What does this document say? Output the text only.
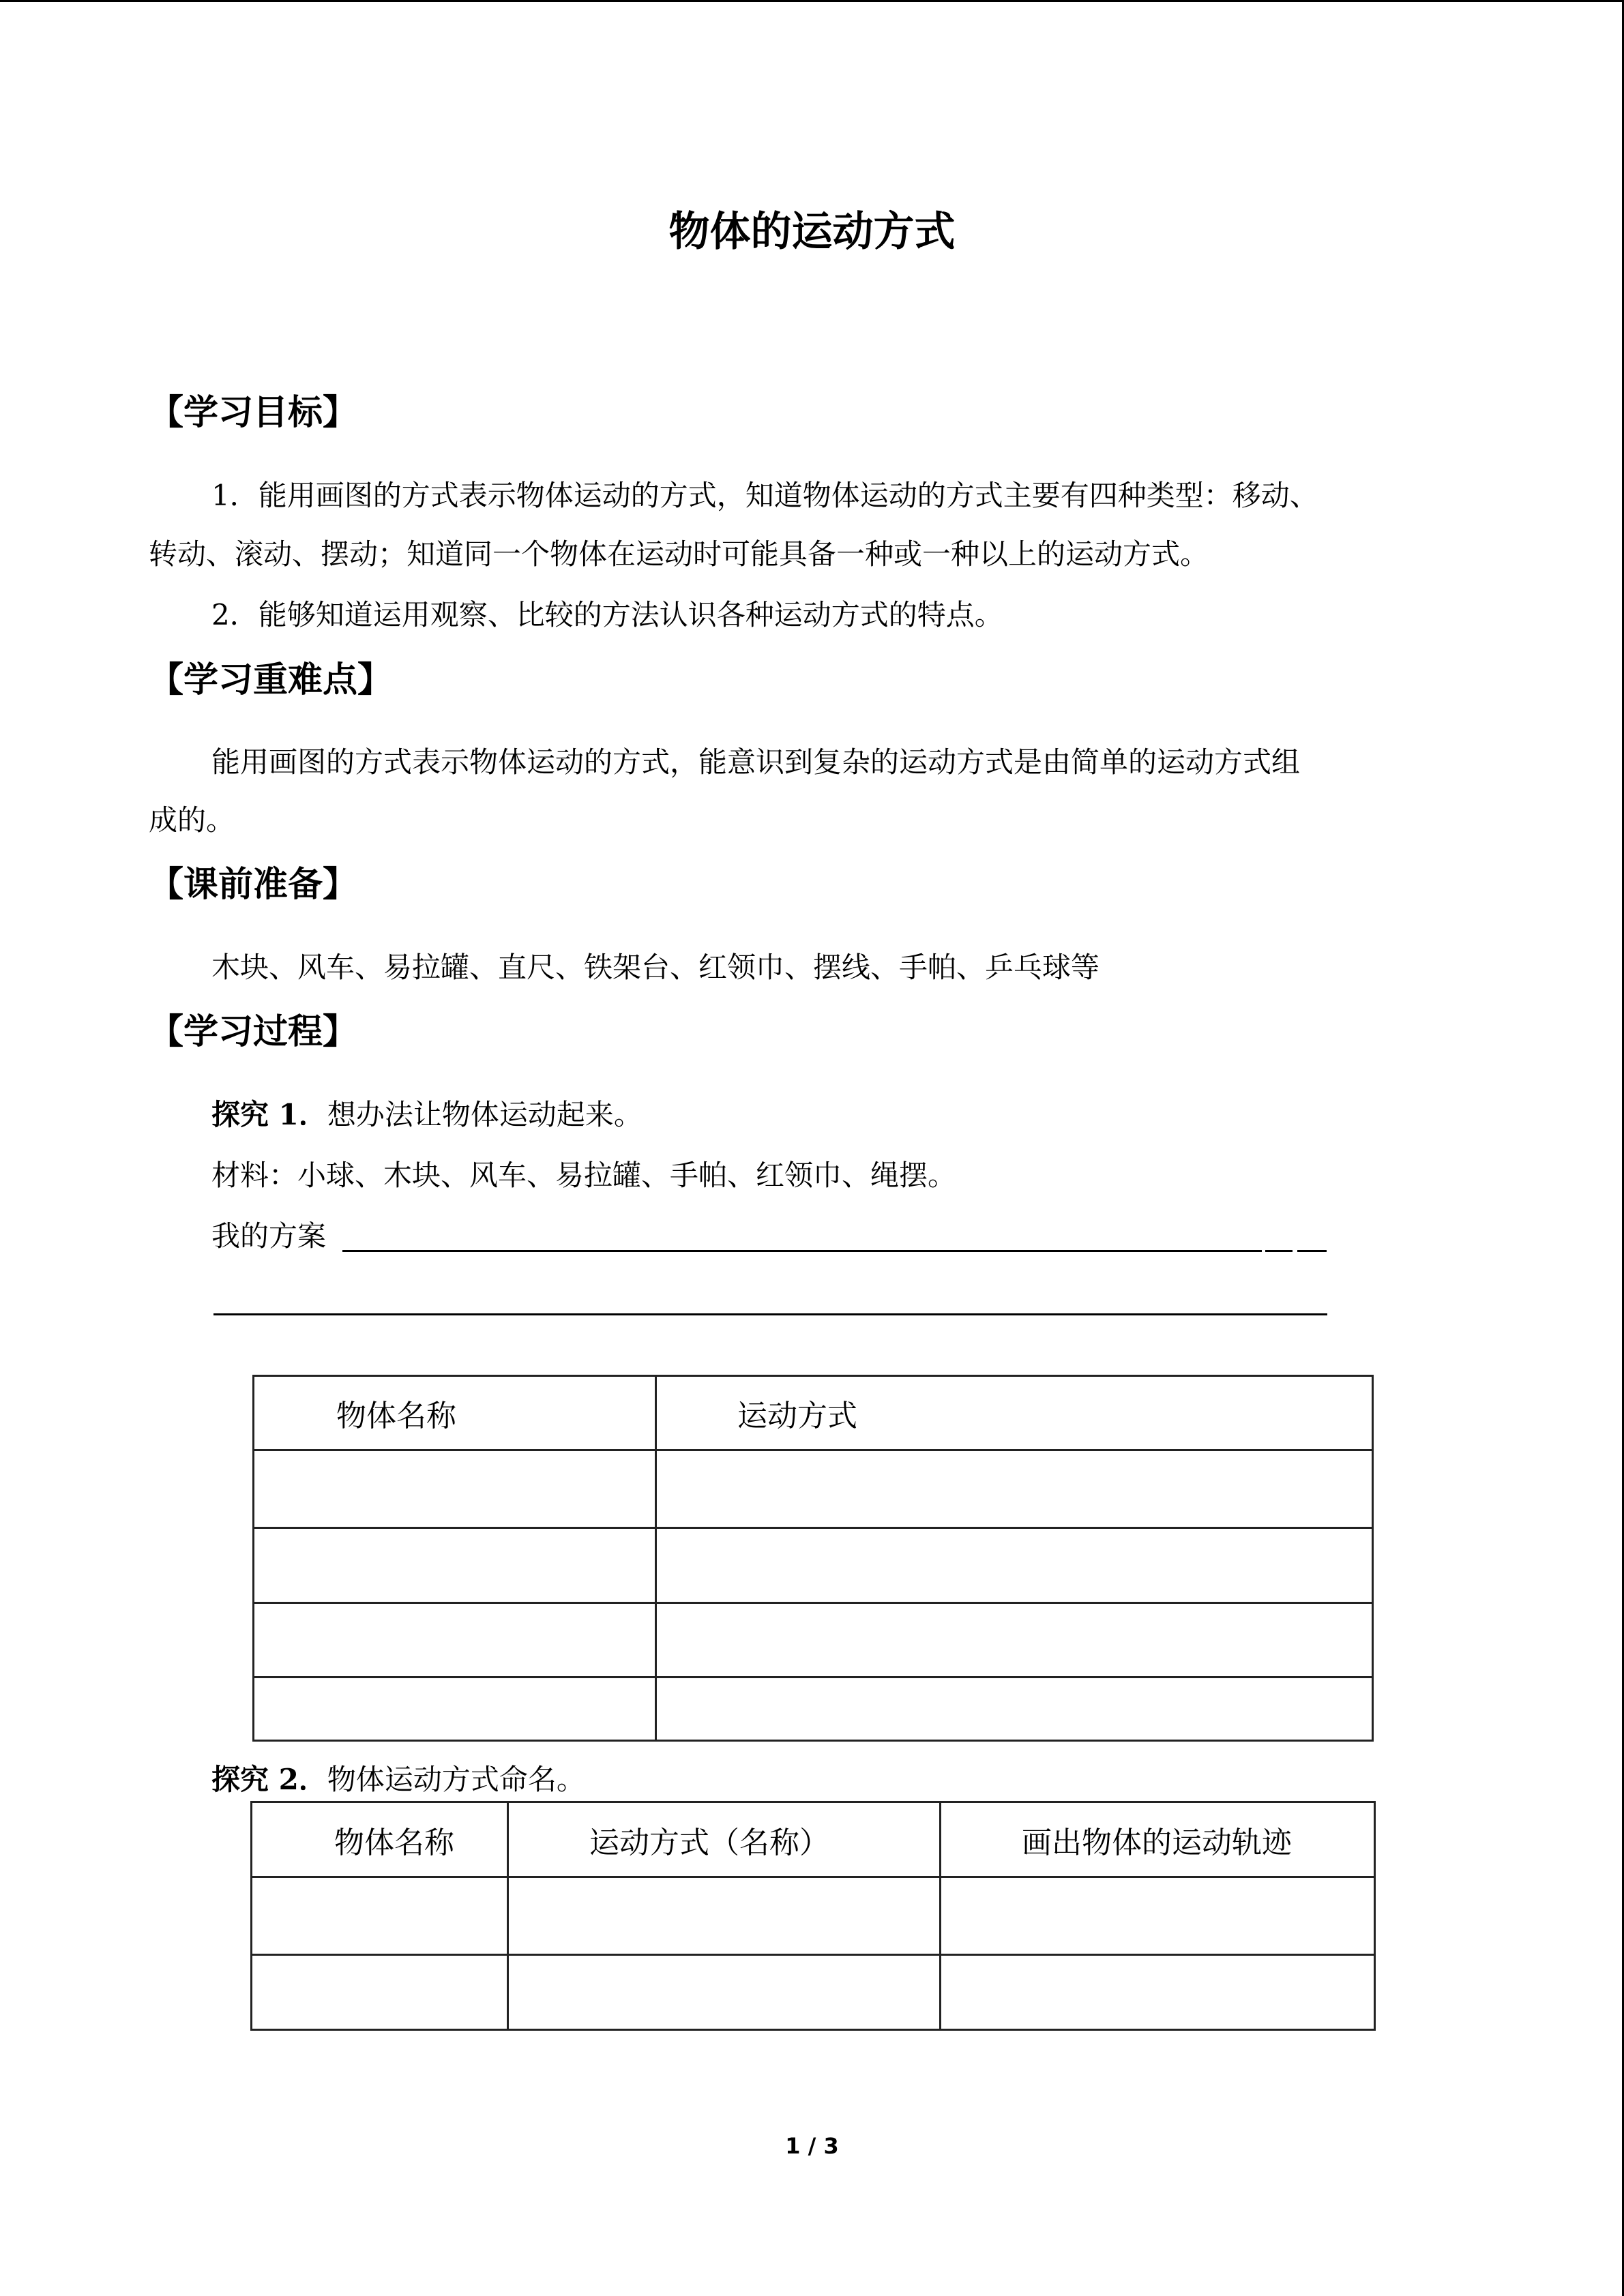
物体的运动方式
【学习目标】
1．能用画图的方式表示物体运动的方式，知道物体运动的方式主要有四种类型：移动、
转动、滚动、摆动；知道同一个物体在运动时可能具备一种或一种以上的运动方式。
2．能够知道运用观察、比较的方法认识各种运动方式的特点。
【学习重难点】
能用画图的方式表示物体运动的方式，能意识到复杂的运动方式是由简单的运动方式组
成的。
【课前准备】
木块、风车、易拉罐、直尺、铁架台、红领巾、摆线、手帕、乒乓球等
【学习过程】
探究 1．想办法让物体运动起来。
材料：小球、木块、风车、易拉罐、手帕、红领巾、绳摆。
我的方案
物体名称	运动方式

探究 2．物体运动方式命名。
物体名称	运动方式（名称）	画出物体的运动轨迹

1 / 3
